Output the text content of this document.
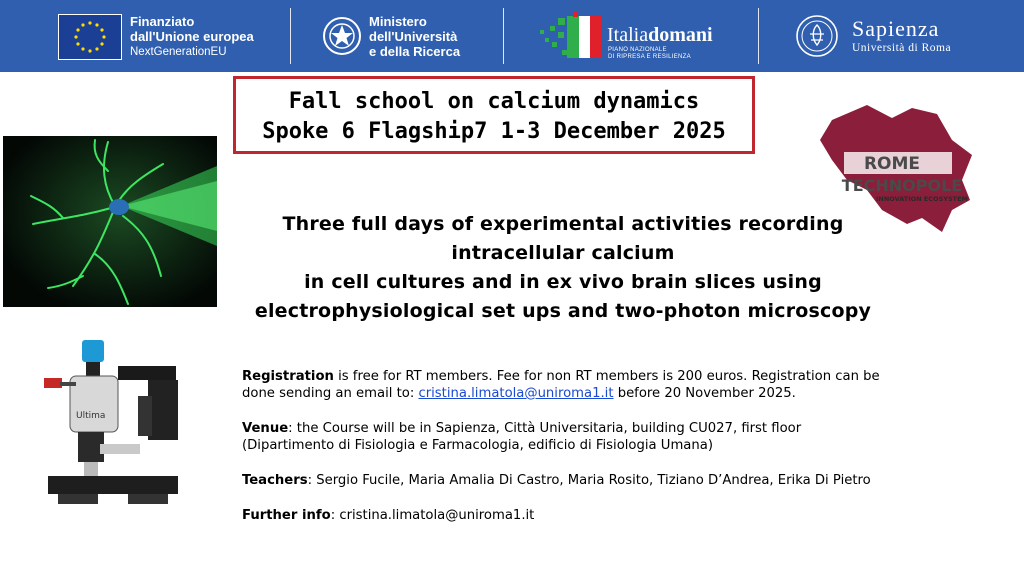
Finanziato
dall'Unione europea
NextGenerationEU
Ministero
dell'Università
e della Ricerca
Italiadomani
PIANO NAZIONALE
DI RIPRESA E RESILIENZA
Sapienza
Università di Roma
Fall school on calcium dynamics
Spoke 6 Flagship7 1-3 December 2025
ROME
TECHNOPOLE
INNOVATION ECOSYSTEM
Three full days of experimental activities recording
intracellular calcium
in cell cultures and in ex vivo brain slices using
electrophysiological set ups and two-photon microscopy
Ultima

Registration is free for RT members. Fee for non RT members is 200 euros. Registration can be done sending an email to: cristina.limatola@uniroma1.it before 20 November 2025.

Venue: the Course will be in Sapienza, Città Universitaria, building CU027, first floor (Dipartimento di Fisiologia e Farmacologia, edificio di Fisiologia Umana)

Teachers: Sergio Fucile, Maria Amalia Di Castro, Maria Rosito, Tiziano D’Andrea, Erika Di Pietro

Further info: cristina.limatola@uniroma1.it
